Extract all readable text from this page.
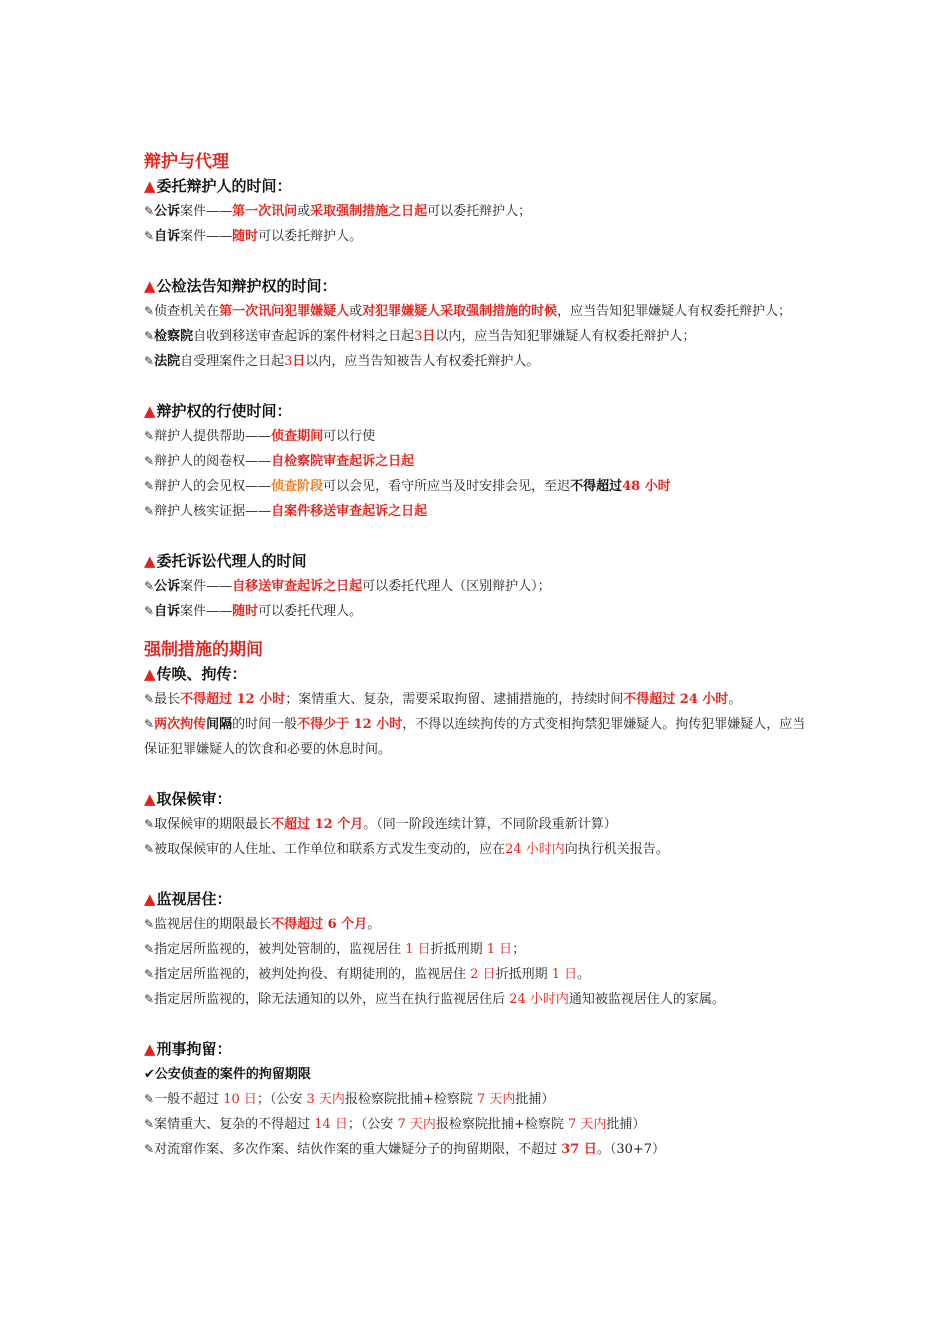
辩护与代理
▲委托辩护人的时间：
✎公诉案件——第一次讯问或采取强制措施之日起可以委托辩护人；
✎自诉案件——随时可以委托辩护人。
▲公检法告知辩护权的时间：
✎侦查机关在第一次讯问犯罪嫌疑人或对犯罪嫌疑人采取强制措施的时候，应当告知犯罪嫌疑人有权委托辩护人；
✎检察院自收到移送审查起诉的案件材料之日起3日以内，应当告知犯罪嫌疑人有权委托辩护人；
✎法院自受理案件之日起3日以内，应当告知被告人有权委托辩护人。
▲辩护权的行使时间：
✎辩护人提供帮助——侦查期间可以行使
✎辩护人的阅卷权——自检察院审查起诉之日起
✎辩护人的会见权——侦查阶段可以会见，看守所应当及时安排会见，至迟不得超过48 小时
✎辩护人核实证据——自案件移送审查起诉之日起
▲委托诉讼代理人的时间
✎公诉案件——自移送审查起诉之日起可以委托代理人（区别辩护人）；
✎自诉案件——随时可以委托代理人。
强制措施的期间
▲传唤、拘传：
✎最长不得超过 12 小时；案情重大、复杂，需要采取拘留、逮捕措施的，持续时间不得超过 24 小时。
✎两次拘传间隔的时间一般不得少于 12 小时，不得以连续拘传的方式变相拘禁犯罪嫌疑人。拘传犯罪嫌疑人，应当保证犯罪嫌疑人的饮食和必要的休息时间。
▲取保候审：
✎取保候审的期限最长不超过 12 个月。（同一阶段连续计算，不同阶段重新计算）
✎被取保候审的人住址、工作单位和联系方式发生变动的，应在24 小时内向执行机关报告。
▲监视居住：
✎监视居住的期限最长不得超过 6 个月。
✎指定居所监视的，被判处管制的，监视居住 1 日折抵刑期 1 日；
✎指定居所监视的，被判处拘役、有期徒刑的，监视居住 2 日折抵刑期 1 日。
✎指定居所监视的，除无法通知的以外，应当在执行监视居住后 24 小时内通知被监视居住人的家属。
▲刑事拘留：
✔公安侦查的案件的拘留期限
✎一般不超过 10 日；（公安 3 天内报检察院批捕+检察院 7 天内批捕）
✎案情重大、复杂的不得超过 14 日；（公安 7 天内报检察院批捕+检察院 7 天内批捕）
✎对流窜作案、多次作案、结伙作案的重大嫌疑分子的拘留期限，不超过 37 日。（30+7）
